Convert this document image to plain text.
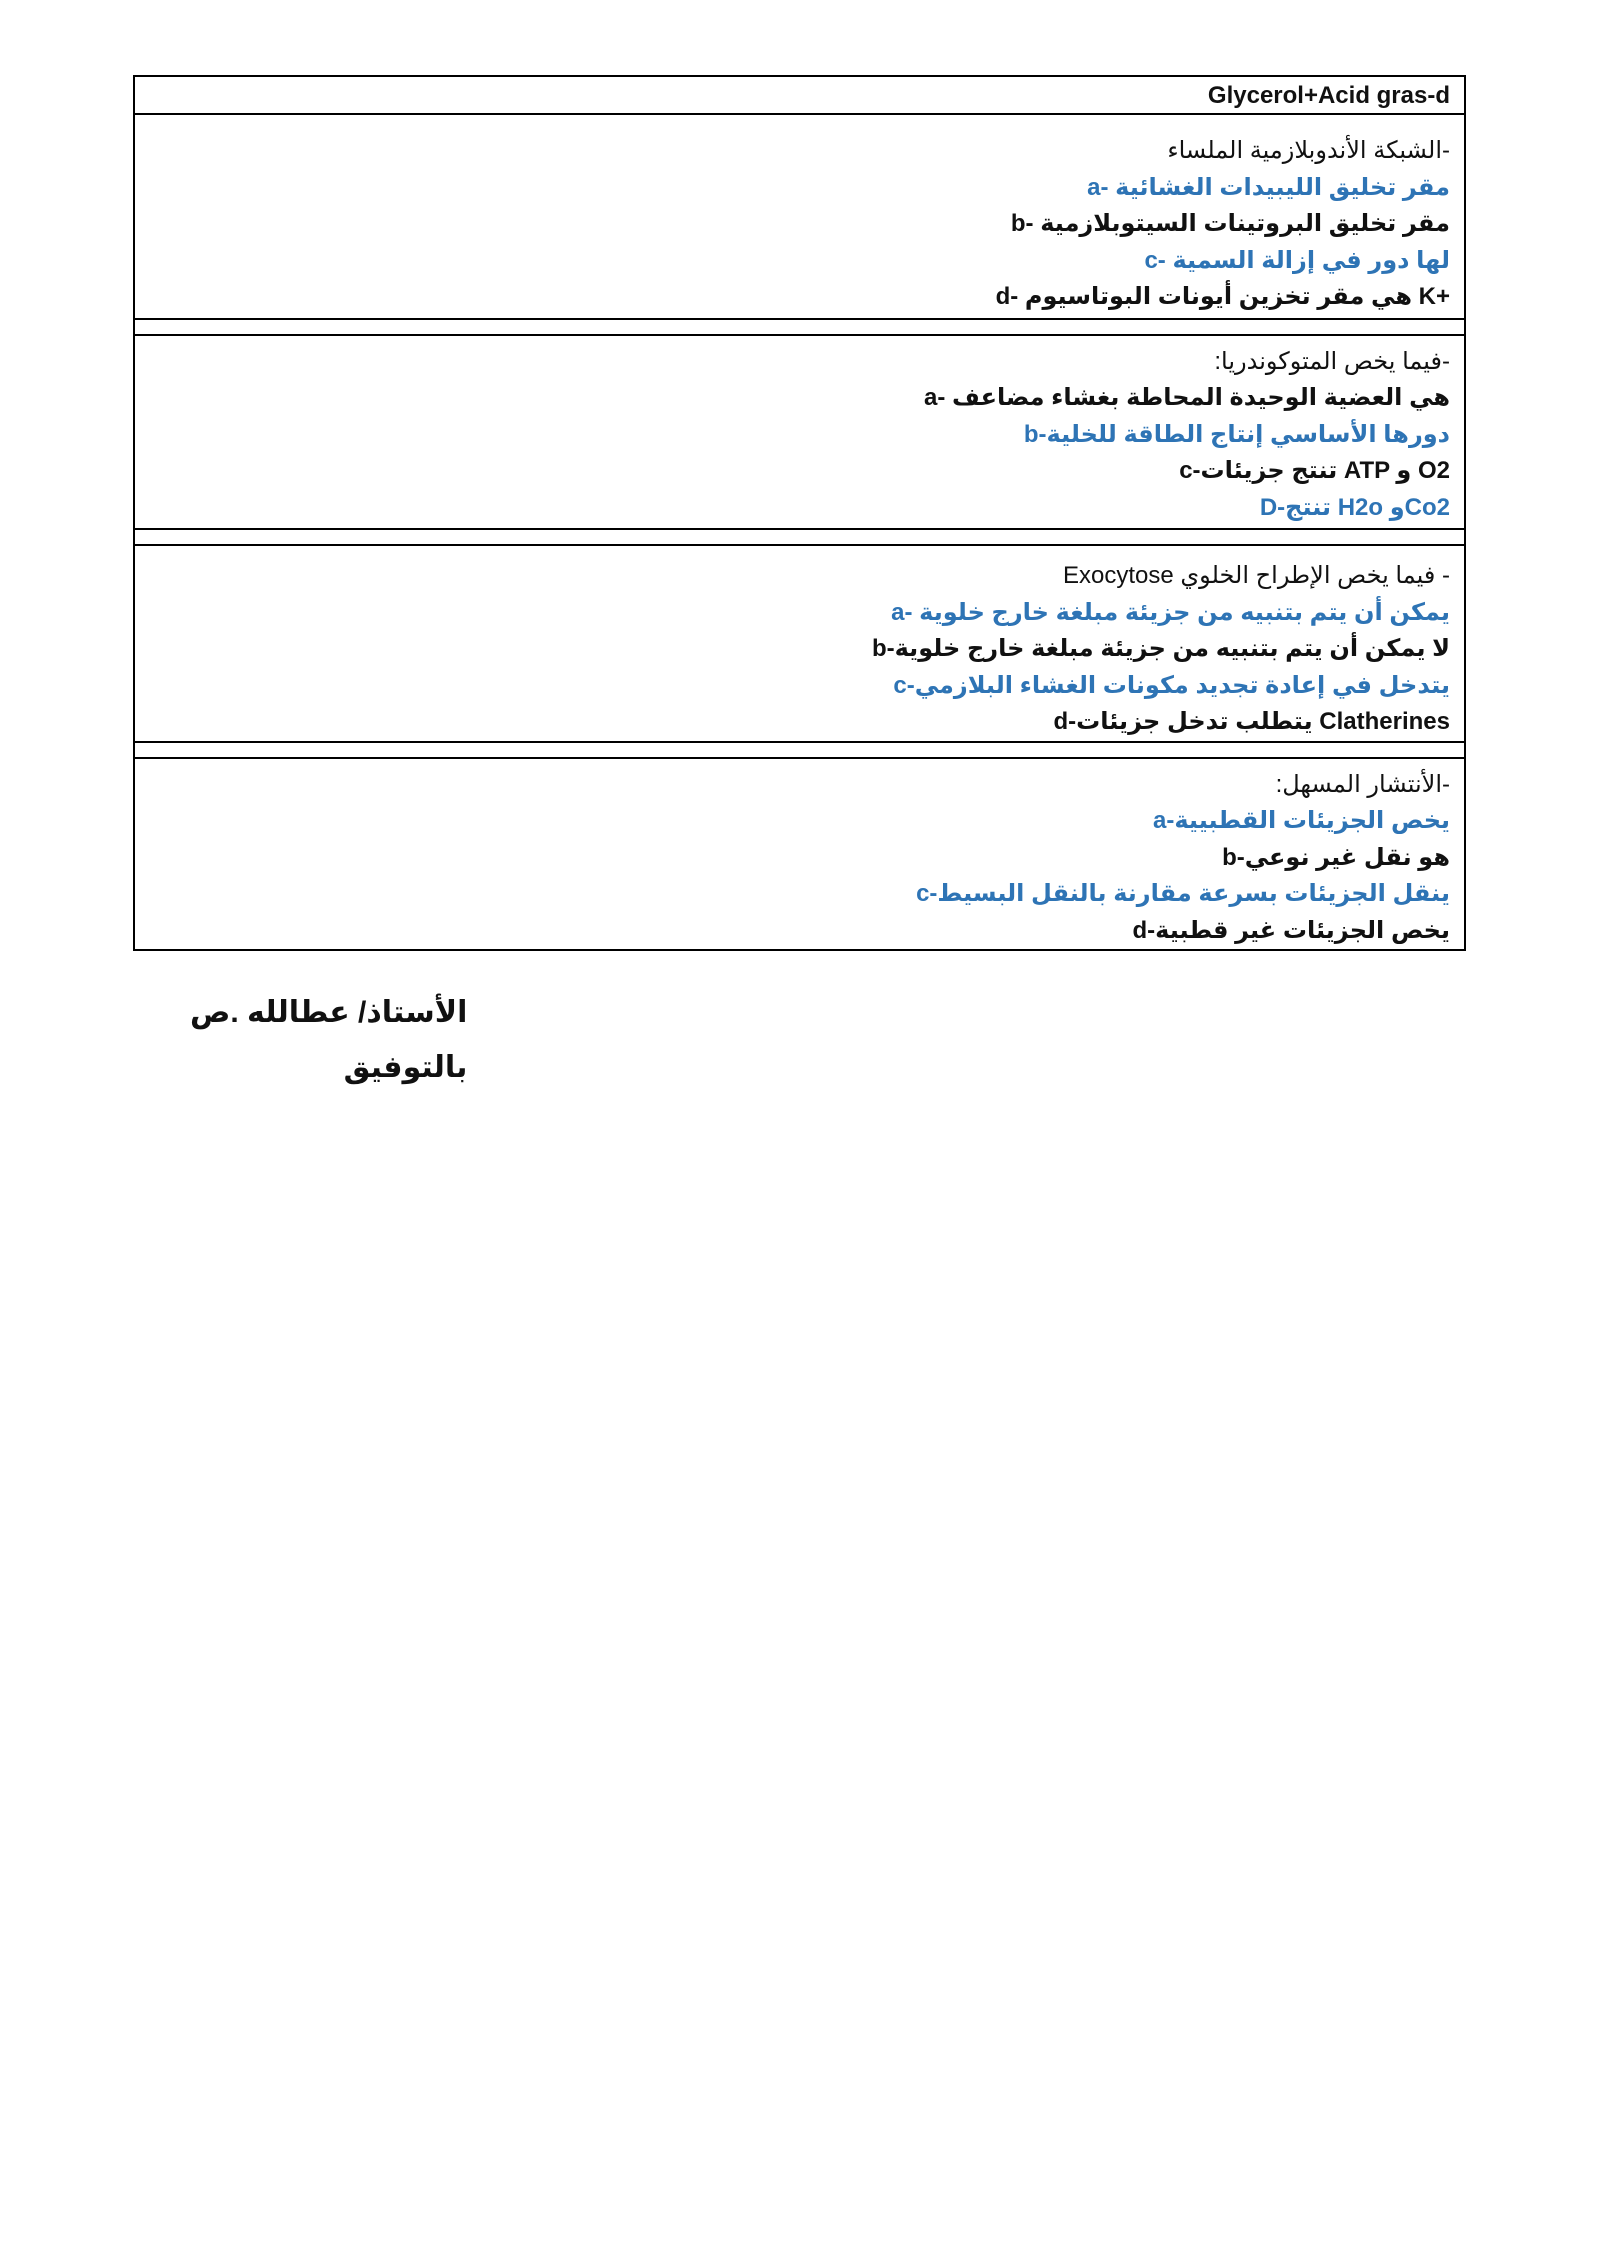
Glycerol+Acid gras-d
-الشبكة الأندوبلازمية الملساء
a- مقر تخليق الليبيدات الغشائية
b- مقر تخليق البروتينات السيتوبلازمية
c- لها دور في إزالة السمية
d- هي مقر تخزين أيونات البوتاسيوم K+
-فيما يخص المتوكوندريا:
a- هي العضية الوحيدة المحاطة بغشاء مضاعف
b-دورها الأساسي إنتاج الطاقة للخلية
c-تنتج جزيئات ATP و O2
D-تنتج H2o وCo2
- فيما يخص الإطراح الخلوي Exocytose
a- يمكن أن يتم بتنبيه من جزيئة مبلغة خارج خلوية
b-لا يمكن أن يتم بتنبيه من جزيئة مبلغة خارج خلوية
c-يتدخل في إعادة تجديد مكونات الغشاء البلازمي
d-يتطلب تدخل جزيئات Clatherines
-الأنتشار المسهل:
a-يخص الجزيئات القطبيية
b-هو نقل غير نوعي
c-ينقل الجزيئات بسرعة مقارنة بالنقل البسيط
d-يخص الجزيئات غير قطبية
الأستاذ/ عطالله .ص
بالتوفيق
